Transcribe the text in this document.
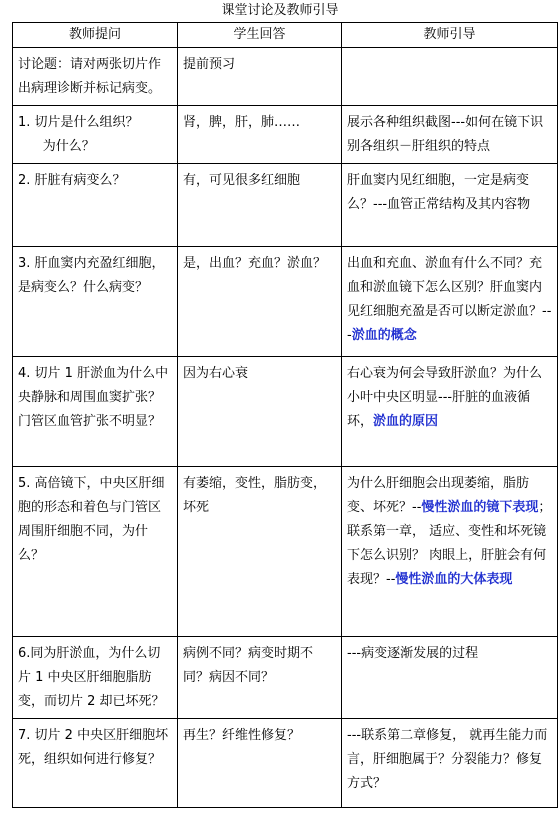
课堂讨论及教师引导
教师提问	学生回答	教师引导
讨论题：请对两张切片作出病理诊断并标记病变。	提前预习	
1. 切片是什么组织？
为什么？	肾，脾，肝，肺……	展示各种组织截图---如何在镜下识别各组织－肝组织的特点
2. 肝脏有病变么？	有，可见很多红细胞	肝血窦内见红细胞，一定是病变么？---血管正常结构及其内容物
3. 肝血窦内充盈红细胞，是病变么？什么病变？	是，出血？充血？淤血？	出血和充血、淤血有什么不同？充血和淤血镜下怎么区别？肝血窦内见红细胞充盈是否可以断定淤血？---淤血的概念
4. 切片 1 肝淤血为什么中央静脉和周围血窦扩张？门管区血管扩张不明显？	因为右心衰	右心衰为何会导致肝淤血？为什么小叶中央区明显---肝脏的血液循环，淤血的原因
5. 高倍镜下，中央区肝细胞的形态和着色与门管区周围肝细胞不同，为什么？	有萎缩，变性，脂肪变，坏死	为什么肝细胞会出现萎缩，脂肪变、坏死？--慢性淤血的镜下表现；联系第一章， 适应、变性和坏死镜下怎么识别？ 肉眼上，肝脏会有何表现？--慢性淤血的大体表现
6.同为肝淤血，为什么切片 1 中央区肝细胞脂肪变，而切片 2 却已坏死？	病例不同？病变时期不同？病因不同？	---病变逐渐发展的过程
7. 切片 2 中央区肝细胞坏死，组织如何进行修复？	再生？纤维性修复？	---联系第二章修复， 就再生能力而言，肝细胞属于？分裂能力？修复方式？
